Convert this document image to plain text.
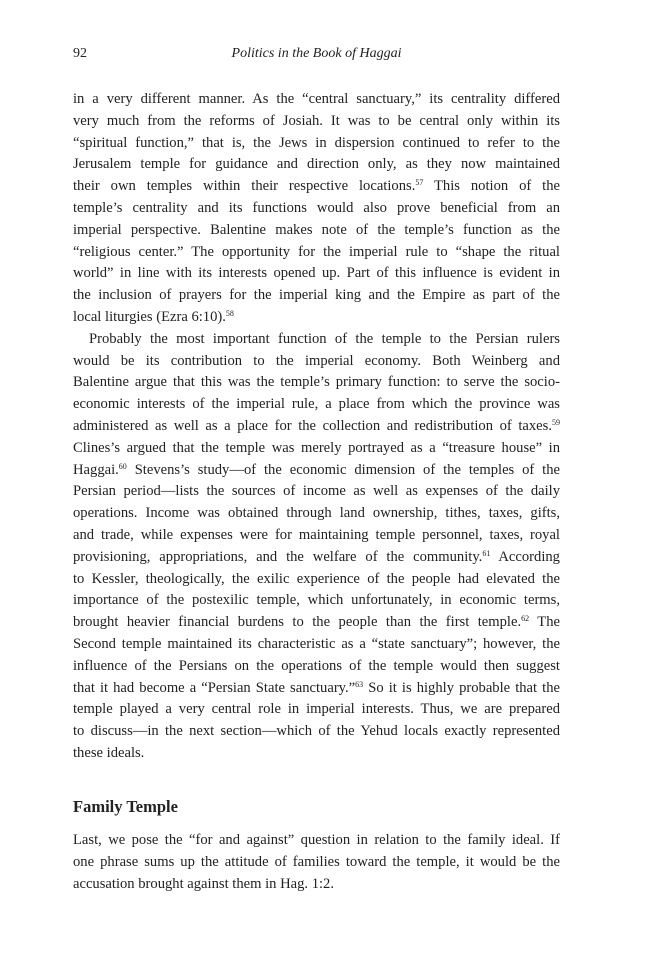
92	Politics in the Book of Haggai
in a very different manner. As the “central sanctuary,” its centrality differed
very much from the reforms of Josiah. It was to be central only within its
“spiritual function,” that is, the Jews in dispersion continued to refer to the
Jerusalem temple for guidance and direction only, as they now maintained
their own temples within their respective locations.$^{57}$ This notion of the
temple’s centrality and its functions would also prove beneficial from an
imperial perspective. Balentine makes note of the temple’s function as the
“religious center.” The opportunity for the imperial rule to “shape the ritual
world” in line with its interests opened up. Part of this influence is evident in
the inclusion of prayers for the imperial king and the Empire as part of the
local liturgies (Ezra 6:10).$^{58}$
Probably the most important function of the temple to the Persian rulers
would be its contribution to the imperial economy. Both Weinberg and
Balentine argue that this was the temple’s primary function: to serve the socio-
economic interests of the imperial rule, a place from which the province was
administered as well as a place for the collection and redistribution of taxes.$^{59}$
Clines’s argued that the temple was merely portrayed as a “treasure house” in
Haggai.$^{60}$ Stevens’s study—of the economic dimension of the temples of the
Persian period—lists the sources of income as well as expenses of the daily
operations. Income was obtained through land ownership, tithes, taxes, gifts,
and trade, while expenses were for maintaining temple personnel, taxes, royal
provisioning, appropriations, and the welfare of the community.$^{61}$ According
to Kessler, theologically, the exilic experience of the people had elevated the
importance of the postexilic temple, which unfortunately, in economic terms,
brought heavier financial burdens to the people than the first temple.$^{62}$ The
Second temple maintained its characteristic as a “state sanctuary”; however, the
influence of the Persians on the operations of the temple would then suggest
that it had become a “Persian State sanctuary.”$^{63}$ So it is highly probable that the
temple played a very central role in imperial interests. Thus, we are prepared
to discuss—in the next section—which of the Yehud locals exactly represented
these ideals.
Family Temple
Last, we pose the “for and against” question in relation to the family ideal. If
one phrase sums up the attitude of families toward the temple, it would be the
accusation brought against them in Hag. 1:2.
